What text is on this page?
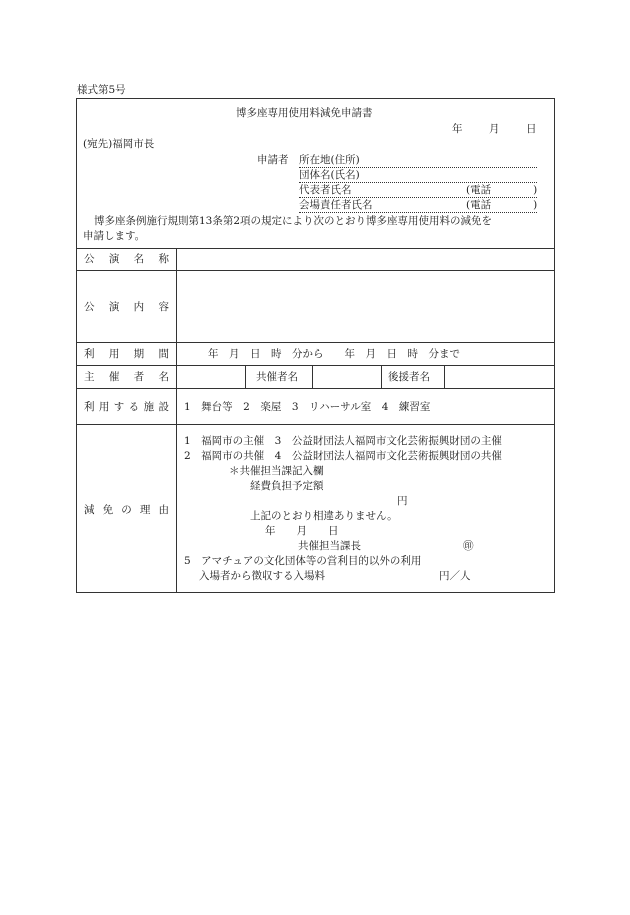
様式第5号
博多座専用使用料減免申請書
年	月	日
(宛先)福岡市長
申請者 所在地(住所)
団体名(氏名)
代表者氏名	(電話　　　　)
会場責任者氏名	(電話　　　　)
博多座条例施行規則第13条第2項の規定により次のとおり博多座専用使用料の減免を
申請します。
公 演 名 称
公 演 内 容
利 用 期 間	年　月　日　時　分から　　年　月　日　時　分まで
主 催 者 名	共催者名	後援者名
利 用 す る 施 設 1　舞台等　2　楽屋　3　リハーサル室　4　練習室
減 免 の 理 由
1　福岡市の主催　3　公益財団法人福岡市文化芸術振興財団の主催
2　福岡市の共催　4　公益財団法人福岡市文化芸術振興財団の共催
＊共催担当課記入欄
経費負担予定額
円
上記のとおり相違ありません。
年　　月　　日
共催担当課長	㊞
5　アマチュアの文化団体等の営利目的以外の利用
入場者から徴収する入場料	円／人
